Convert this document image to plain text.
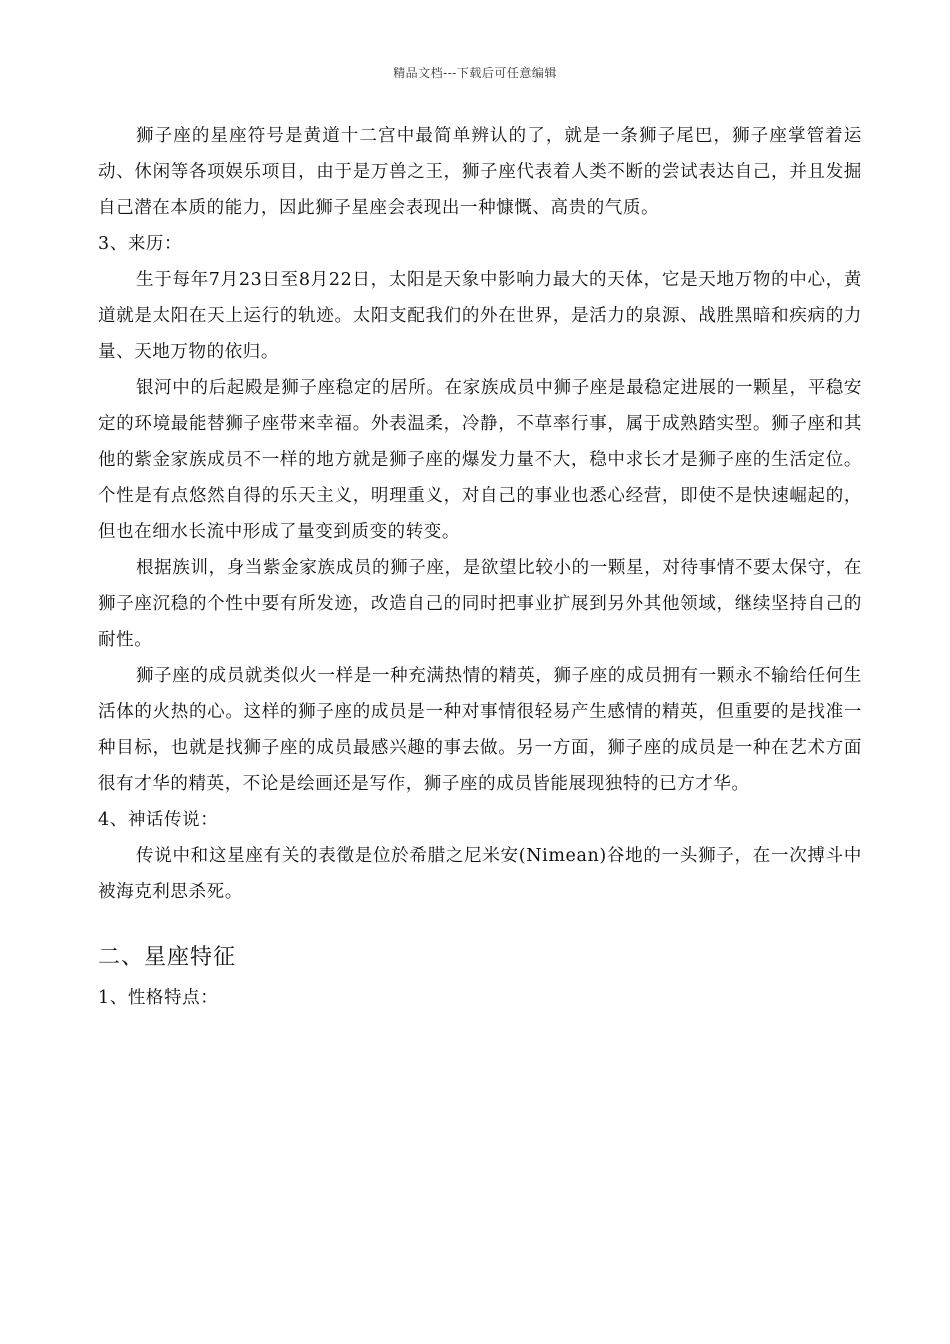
精品文档---下载后可任意编辑

狮子座的星座符号是黄道十二宫中最简单辨认的了，就是一条狮子尾巴，狮子座掌管着运动、休闲等各项娱乐项目，由于是万兽之王，狮子座代表着人类不断的尝试表达自己，并且发掘自己潜在本质的能力，因此狮子星座会表现出一种慷慨、高贵的气质。

3、来历：

生于每年7月23日至8月22日，太阳是天象中影响力最大的天体，它是天地万物的中心，黄道就是太阳在天上运行的轨迹。太阳支配我们的外在世界，是活力的泉源、战胜黑暗和疾病的力量、天地万物的依归。

银河中的后起殿是狮子座稳定的居所。在家族成员中狮子座是最稳定进展的一颗星，平稳安定的环境最能替狮子座带来幸福。外表温柔，冷静，不草率行事，属于成熟踏实型。狮子座和其他的紫金家族成员不一样的地方就是狮子座的爆发力量不大，稳中求长才是狮子座的生活定位。个性是有点悠然自得的乐天主义，明理重义，对自己的事业也悉心经营，即使不是快速崛起的，但也在细水长流中形成了量变到质变的转变。

根据族训，身当紫金家族成员的狮子座，是欲望比较小的一颗星，对待事情不要太保守，在狮子座沉稳的个性中要有所发迹，改造自己的同时把事业扩展到另外其他领域，继续坚持自己的耐性。

狮子座的成员就类似火一样是一种充满热情的精英，狮子座的成员拥有一颗永不输给任何生活体的火热的心。这样的狮子座的成员是一种对事情很轻易产生感情的精英，但重要的是找准一种目标，也就是找狮子座的成员最感兴趣的事去做。另一方面，狮子座的成员是一种在艺术方面很有才华的精英，不论是绘画还是写作，狮子座的成员皆能展现独特的已方才华。

4、神话传说：

传说中和这星座有关的表徵是位於希腊之尼米安(Nimean)谷地的一头狮子，在一次搏斗中被海克利思杀死。

二、星座特征

1、性格特点：
